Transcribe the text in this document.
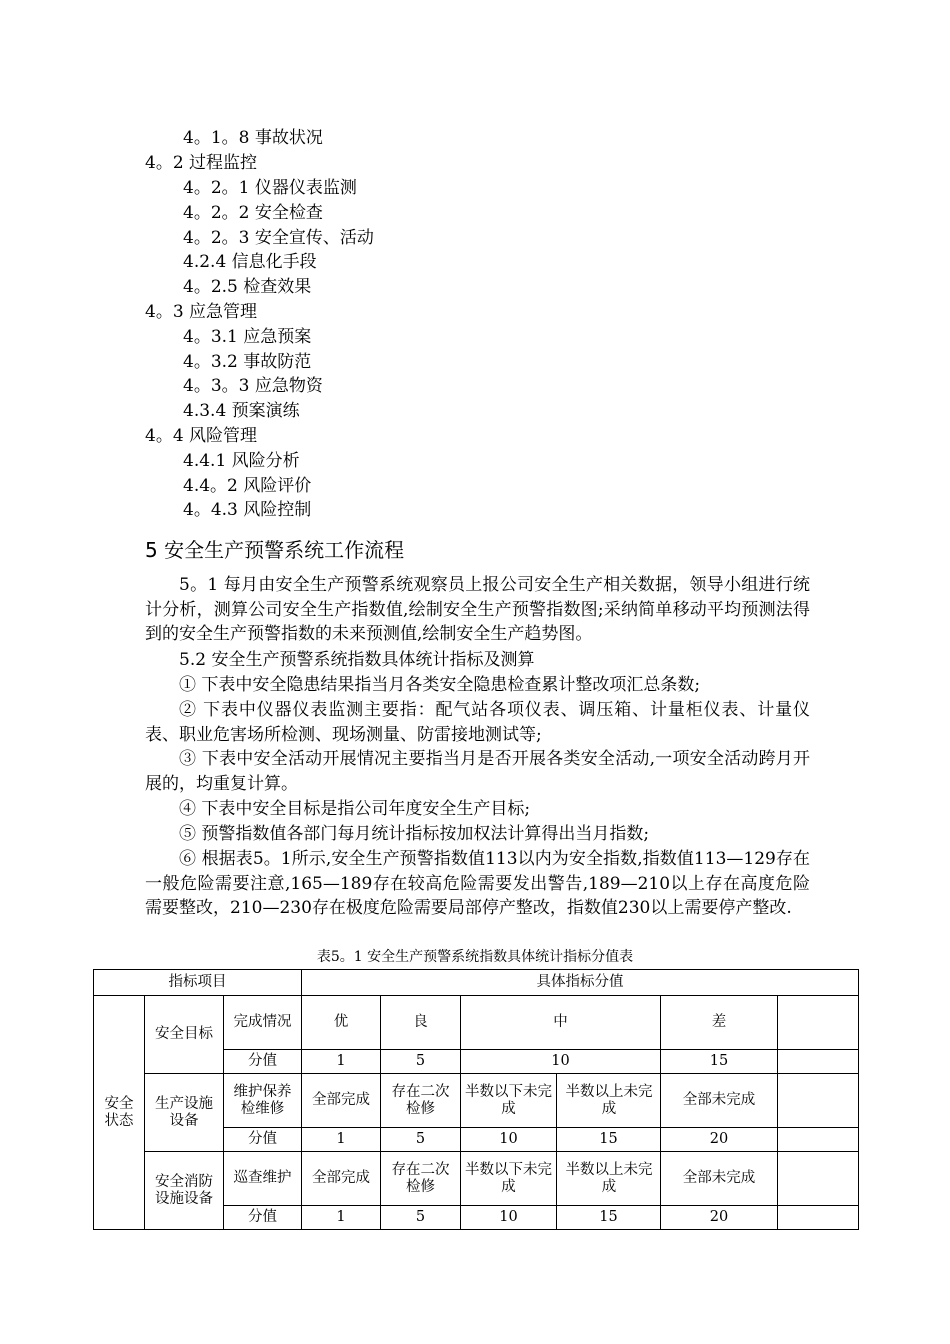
4。1。8 事故状况
4。2 过程监控
4。2。1 仪器仪表监测
4。2。2 安全检查
4。2。3 安全宣传、活动
4.2.4 信息化手段
4。2.5 检查效果
4。3 应急管理
4。3.1 应急预案
4。3.2 事故防范
4。3。3 应急物资
4.3.4 预案演练
4。4 风险管理
4.4.1 风险分析
4.4。2 风险评价
4。4.3 风险控制
5 安全生产预警系统工作流程
5。1 每月由安全生产预警系统观察员上报公司安全生产相关数据，领导小组进行统计分析，测算公司安全生产指数值,绘制安全生产预警指数图;采纳简单移动平均预测法得到的安全生产预警指数的未来预测值,绘制安全生产趋势图。
5.2 安全生产预警系统指数具体统计指标及测算
① 下表中安全隐患结果指当月各类安全隐患检查累计整改项汇总条数;
② 下表中仪器仪表监测主要指：配气站各项仪表、调压箱、计量柜仪表、计量仪表、职业危害场所检测、现场测量、防雷接地测试等;
③ 下表中安全活动开展情况主要指当月是否开展各类安全活动,一项安全活动跨月开展的，均重复计算。
④ 下表中安全目标是指公司年度安全生产目标;
⑤ 预警指数值各部门每月统计指标按加权法计算得出当月指数;
⑥ 根据表5。1所示,安全生产预警指数值113以内为安全指数,指数值113—129存在一般危险需要注意,165—189存在较高危险需要发出警告,189—210以上存在高度危险需要整改，210—230存在极度危险需要局部停产整改，指数值230以上需要停产整改.
表5。1 安全生产预警系统指数具体统计指标分值表
指标项目			具体指标分值					
安全状态	安全目标	完成情况	优	良	中		差	
		分值	1	5	10		15	
	生产设施设备	维护保养检维修	全部完成	存在二次检修	半数以下未完成	半数以上未完成	全部未完成	
		分值	1	5	10	15	20	
	安全消防设施设备	巡查维护	全部完成	存在二次检修	半数以下未完成	半数以上未完成	全部未完成	
		分值	1	5	10	15	20	
